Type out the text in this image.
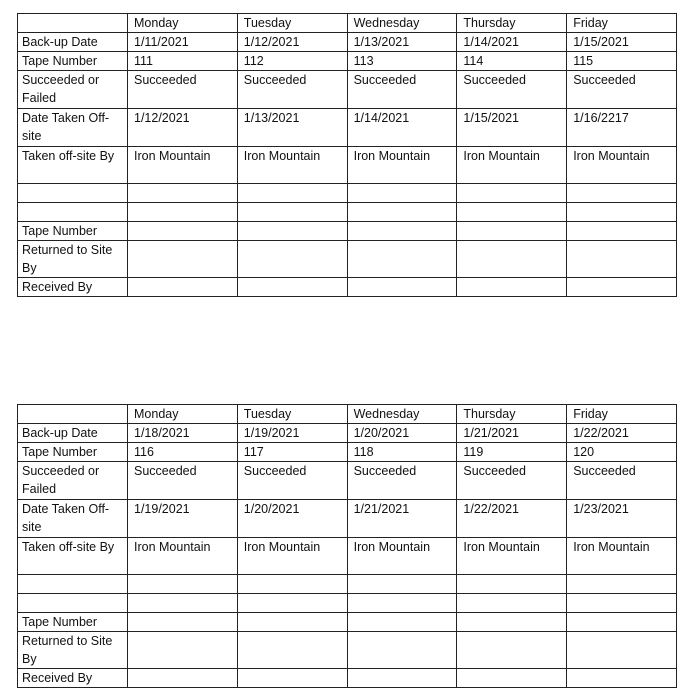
	Monday	Tuesday	Wednesday	Thursday	Friday
Back-up Date	1/11/2021	1/12/2021	1/13/2021	1/14/2021	1/15/2021
Tape Number	111	112	113	114	115
Succeeded or Failed	Succeeded	Succeeded	Succeeded	Succeeded	Succeeded
Date Taken Off-site	1/12/2021	1/13/2021	1/14/2021	1/15/2021	1/16/2217
Taken off-site By	Iron Mountain	Iron Mountain	Iron Mountain	Iron Mountain	Iron Mountain

Tape Number					
Returned to Site By					
Received By					
	Monday	Tuesday	Wednesday	Thursday	Friday
Back-up Date	1/18/2021	1/19/2021	1/20/2021	1/21/2021	1/22/2021
Tape Number	116	117	118	119	120
Succeeded or Failed	Succeeded	Succeeded	Succeeded	Succeeded	Succeeded
Date Taken Off-site	1/19/2021	1/20/2021	1/21/2021	1/22/2021	1/23/2021
Taken off-site By	Iron Mountain	Iron Mountain	Iron Mountain	Iron Mountain	Iron Mountain

Tape Number					
Returned to Site By					
Received By					
